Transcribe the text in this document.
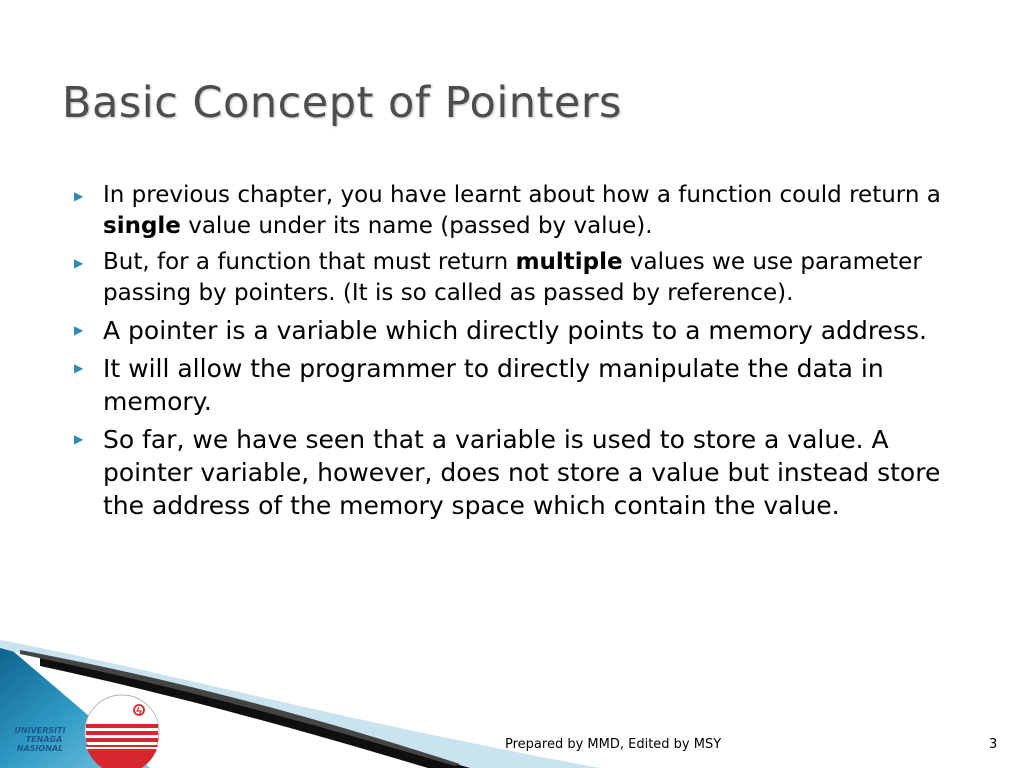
Basic Concept of Pointers
▶ In previous chapter, you have learnt about how a function could return a single value under its name (passed by value).
▶ But, for a function that must return multiple values we use parameter passing by pointers. (It is so called as passed by reference).
▶ A pointer is a variable which directly points to a memory address.
▶ It will allow the programmer to directly manipulate the data in memory.
▶ So far, we have seen that a variable is used to store a value. A pointer variable, however, does not store a value but instead store the address of the memory space which contain the value.
UNIVERSITI
TENAGA
NASIONAL	Prepared by MMD, Edited by MSY	3
